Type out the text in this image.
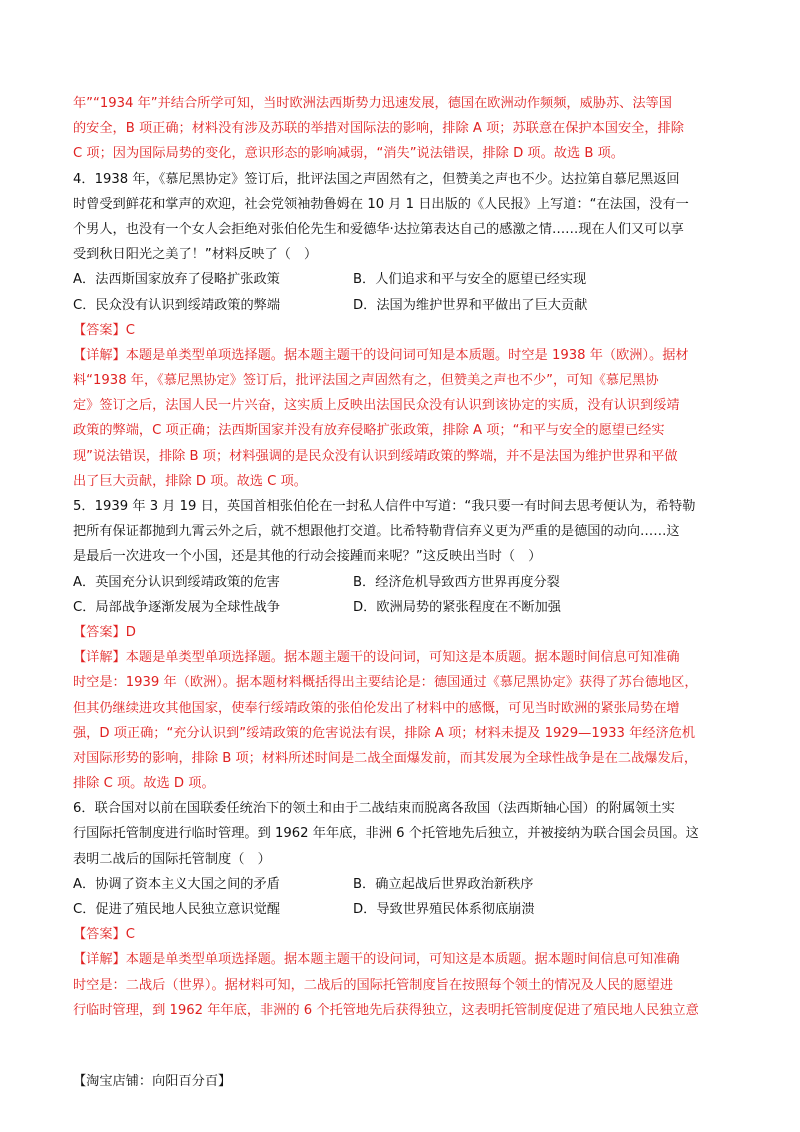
年”“1934 年”并结合所学可知，当时欧洲法西斯势力迅速发展，德国在欧洲动作频频，威胁苏、法等国
的安全，B 项正确；材料没有涉及苏联的举措对国际法的影响，排除 A 项；苏联意在保护本国安全，排除
C 项；因为国际局势的变化，意识形态的影响减弱，“消失”说法错误，排除 D 项。故选 B 项。
4．1938 年，《慕尼黑协定》签订后，批评法国之声固然有之，但赞美之声也不少。达拉第自慕尼黑返回
时曾受到鲜花和掌声的欢迎，社会党领袖勃鲁姆在 10 月 1 日出版的《人民报》上写道：“在法国，没有一
个男人，也没有一个女人会拒绝对张伯伦先生和爱德华·达拉第表达自己的感激之情……现在人们又可以享
受到秋日阳光之美了！”材料反映了（　）
A．法西斯国家放弃了侵略扩张政策	B．人们追求和平与安全的愿望已经实现
C．民众没有认识到绥靖政策的弊端	D．法国为维护世界和平做出了巨大贡献
【答案】C
【详解】本题是单类型单项选择题。据本题主题干的设问词可知是本质题。时空是 1938 年（欧洲）。据材
料“1938 年，《慕尼黑协定》签订后，批评法国之声固然有之，但赞美之声也不少”，可知《慕尼黑协
定》签订之后，法国人民一片兴奋，这实质上反映出法国民众没有认识到该协定的实质，没有认识到绥靖
政策的弊端，C 项正确；法西斯国家并没有放弃侵略扩张政策，排除 A 项；“和平与安全的愿望已经实
现”说法错误，排除 B 项；材料强调的是民众没有认识到绥靖政策的弊端，并不是法国为维护世界和平做
出了巨大贡献，排除 D 项。故选 C 项。
5．1939 年 3 月 19 日，英国首相张伯伦在一封私人信件中写道：“我只要一有时间去思考便认为，希特勒
把所有保证都抛到九霄云外之后，就不想跟他打交道。比希特勒背信弃义更为严重的是德国的动向……这
是最后一次进攻一个小国，还是其他的行动会接踵而来呢？”这反映出当时（　）
A．英国充分认识到绥靖政策的危害	B．经济危机导致西方世界再度分裂
C．局部战争逐渐发展为全球性战争	D．欧洲局势的紧张程度在不断加强
【答案】D
【详解】本题是单类型单项选择题。据本题主题干的设问词，可知这是本质题。据本题时间信息可知准确
时空是：1939 年（欧洲）。据本题材料概括得出主要结论是：德国通过《慕尼黑协定》获得了苏台德地区，
但其仍继续进攻其他国家，使奉行绥靖政策的张伯伦发出了材料中的感慨，可见当时欧洲的紧张局势在增
强，D 项正确；“充分认识到”绥靖政策的危害说法有误，排除 A 项；材料未提及 1929—1933 年经济危机
对国际形势的影响，排除 B 项；材料所述时间是二战全面爆发前，而其发展为全球性战争是在二战爆发后，
排除 C 项。故选 D 项。
6．联合国对以前在国联委任统治下的领土和由于二战结束而脱离各敌国（法西斯轴心国）的附属领土实
行国际托管制度进行临时管理。到 1962 年年底，非洲 6 个托管地先后独立，并被接纳为联合国会员国。这
表明二战后的国际托管制度（　）
A．协调了资本主义大国之间的矛盾	B．确立起战后世界政治新秩序
C．促进了殖民地人民独立意识觉醒	D．导致世界殖民体系彻底崩溃
【答案】C
【详解】本题是单类型单项选择题。据本题主题干的设问词，可知这是本质题。据本题时间信息可知准确
时空是：二战后（世界）。据材料可知，二战后的国际托管制度旨在按照每个领土的情况及人民的愿望进
行临时管理，到 1962 年年底，非洲的 6 个托管地先后获得独立，这表明托管制度促进了殖民地人民独立意
【淘宝店铺：向阳百分百】
